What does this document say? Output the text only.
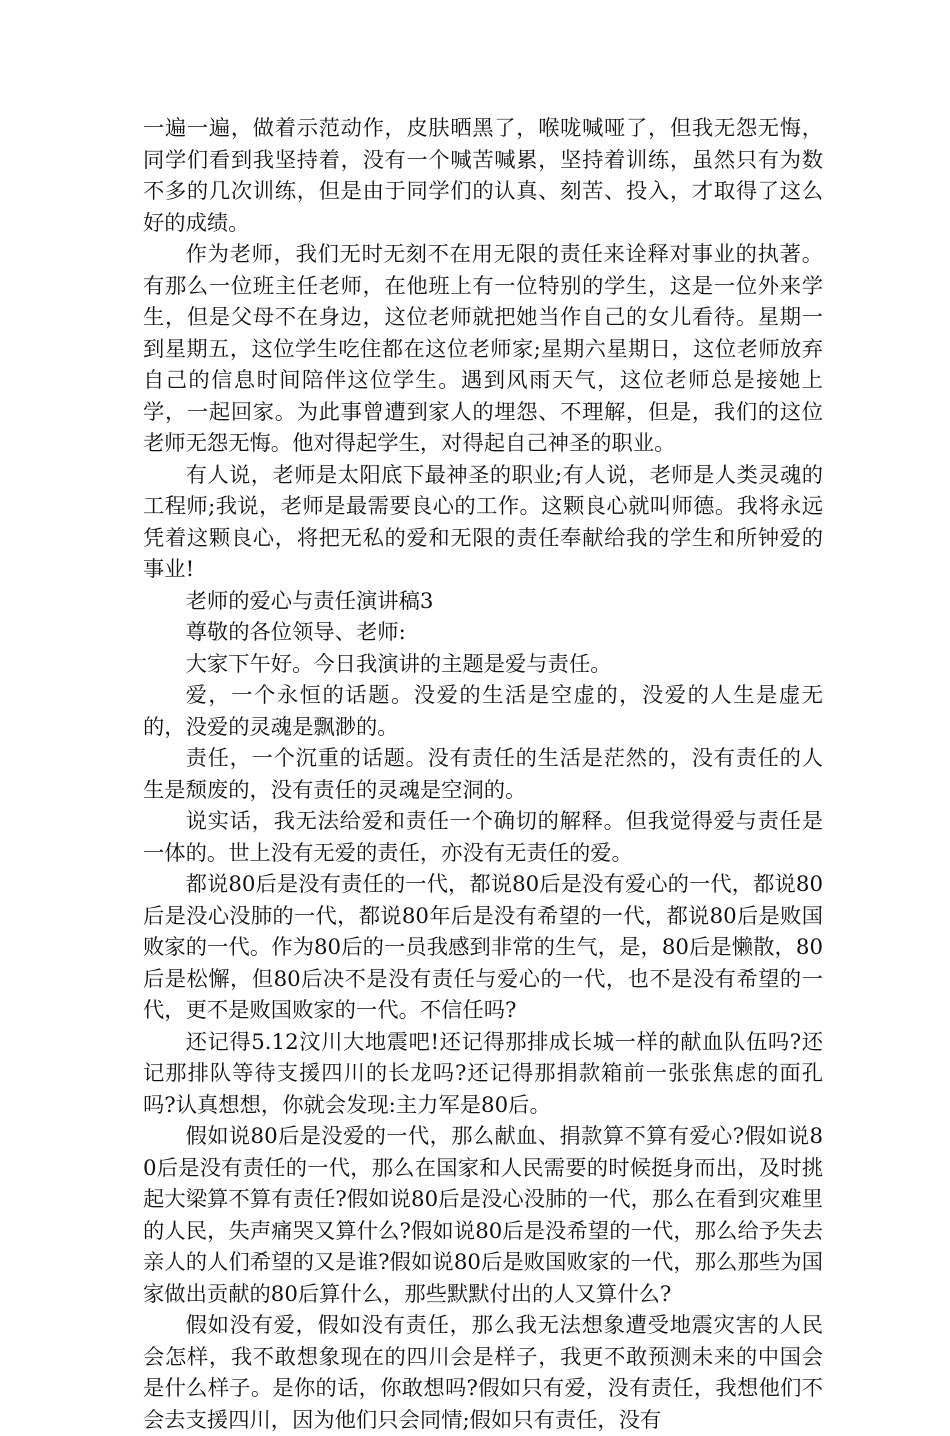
一遍一遍，做着示范动作，皮肤晒黑了，喉咙喊哑了，但我无怨无悔，同学们看到我坚持着，没有一个喊苦喊累，坚持着训练，虽然只有为数不多的几次训练，但是由于同学们的认真、刻苦、投入，才取得了这么好的成绩。

作为老师，我们无时无刻不在用无限的责任来诠释对事业的执著。有那么一位班主任老师，在他班上有一位特别的学生，这是一位外来学生，但是父母不在身边，这位老师就把她当作自己的女儿看待。星期一到星期五，这位学生吃住都在这位老师家;星期六星期日，这位老师放弃自己的信息时间陪伴这位学生。遇到风雨天气，这位老师总是接她上学，一起回家。为此事曾遭到家人的埋怨、不理解，但是，我们的这位老师无怨无悔。他对得起学生，对得起自己神圣的职业。

有人说，老师是太阳底下最神圣的职业;有人说，老师是人类灵魂的工程师;我说，老师是最需要良心的工作。这颗良心就叫师德。我将永远凭着这颗良心，将把无私的爱和无限的责任奉献给我的学生和所钟爱的事业!

老师的爱心与责任演讲稿3

尊敬的各位领导、老师:

大家下午好。今日我演讲的主题是爱与责任。

爱，一个永恒的话题。没爱的生活是空虚的，没爱的人生是虚无的，没爱的灵魂是飘渺的。

责任，一个沉重的话题。没有责任的生活是茫然的，没有责任的人生是颓废的，没有责任的灵魂是空洞的。

说实话，我无法给爱和责任一个确切的解释。但我觉得爱与责任是一体的。世上没有无爱的责任，亦没有无责任的爱。

都说80后是没有责任的一代，都说80后是没有爱心的一代，都说80后是没心没肺的一代，都说80年后是没有希望的一代，都说80后是败国败家的一代。作为80后的一员我感到非常的生气，是，80后是懒散，80后是松懈，但80后决不是没有责任与爱心的一代，也不是没有希望的一代，更不是败国败家的一代。不信任吗?

还记得5.12汶川大地震吧!还记得那排成长城一样的献血队伍吗?还记那排队等待支援四川的长龙吗?还记得那捐款箱前一张张焦虑的面孔吗?认真想想，你就会发现:主力军是80后。

假如说80后是没爱的一代，那么献血、捐款算不算有爱心?假如说80后是没有责任的一代，那么在国家和人民需要的时候挺身而出，及时挑起大梁算不算有责任?假如说80后是没心没肺的一代，那么在看到灾难里的人民，失声痛哭又算什么?假如说80后是没希望的一代，那么给予失去亲人的人们希望的又是谁?假如说80后是败国败家的一代，那么那些为国家做出贡献的80后算什么，那些默默付出的人又算什么?

假如没有爱，假如没有责任，那么我无法想象遭受地震灾害的人民会怎样，我不敢想象现在的四川会是样子，我更不敢预测未来的中国会是什么样子。是你的话，你敢想吗?假如只有爱，没有责任，我想他们不会去支援四川，因为他们只会同情;假如只有责任，没有
